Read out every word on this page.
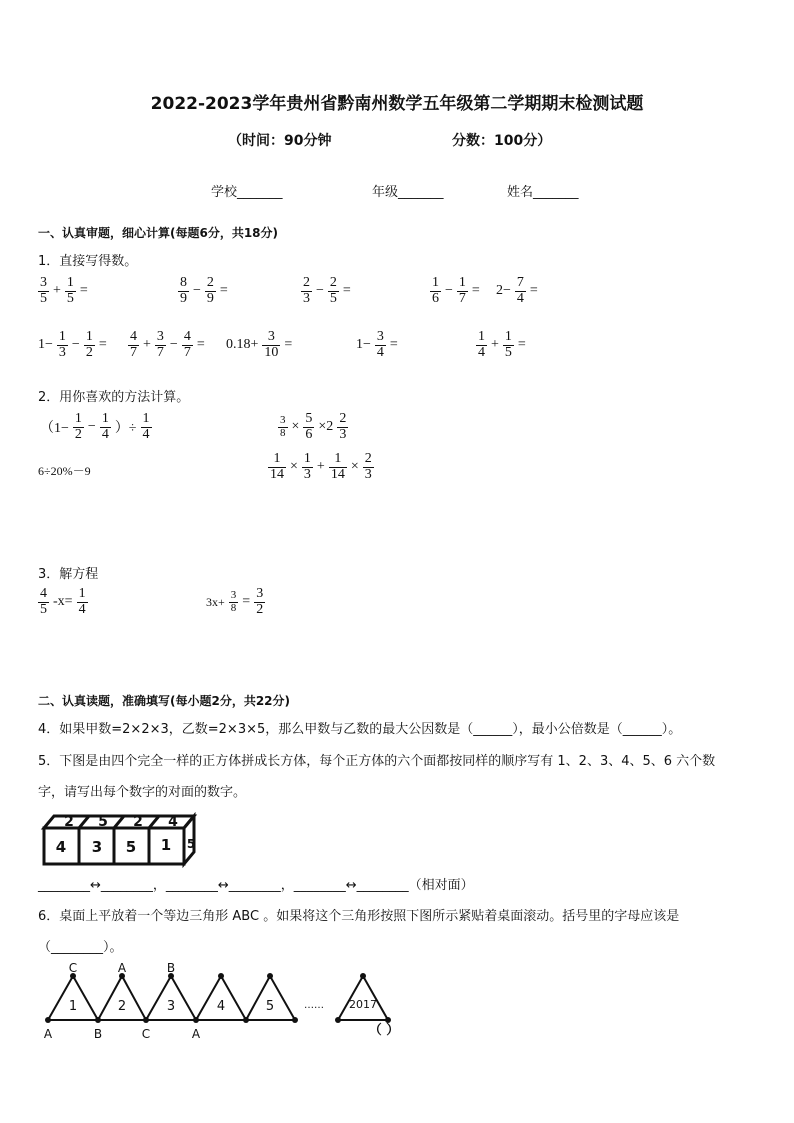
2022-2023学年贵州省黔南州数学五年级第二学期期末检测试题
（时间：90分钟	分数：100分）
学校_______	年级_______	姓名_______
一、认真审题，细心计算(每题6分，共18分)
1．直接写得数。
$\frac{3}{5} + \frac{1}{5}$ =	$\frac{8}{9} - \frac{2}{9}$ =	$\frac{2}{3} - \frac{2}{5}$ =	$\frac{1}{6} - \frac{1}{7} = 2- \frac{7}{4}$ =
$1- \frac{1}{3} - \frac{1}{2} = \frac{4}{7} + \frac{3}{7} - \frac{4}{7} = 0.18+ \frac{3}{10}$ =	$1- \frac{3}{4}$ =	$\frac{1}{4} + \frac{1}{5}$ =
2．用你喜欢的方法计算。
（$1- \frac{1}{2} - \frac{1}{4}$ ）÷ $\frac{1}{4}$	$\frac{3}{8} \times \frac{5}{6} \times 2 \frac{2}{3}$
6÷20%－9	$\frac{1}{14} \times \frac{1}{3} + \frac{1}{14} \times \frac{2}{3}$
3．解方程
$\frac{4}{5} -x= \frac{1}{4}$	$3x+ \frac{3}{8} = \frac{3}{2}$
二、认真读题，准确填写(每小题2分，共22分)
4．如果甲数=2×2×3，乙数=2×3×5，那么甲数与乙数的最大公因数是（______），最小公倍数是（______）。
5．下图是由四个完全一样的正方体拼成长方体，每个正方体的六个面都按同样的顺序写有 1、2、3、4、5、6 六个数
字，请写出每个数字的对面的数字。
2 5 2 4
4 3 5 1 5
________↔________，________↔________，________↔________（相对面）
6．桌面上平放着一个等边三角形 ABC 。如果将这个三角形按照下图所示紧贴着桌面滚动。括号里的字母应该是
（________）。
C	A	B
A	B	C	A
1	2	3	4	5	…… 2017
（ ）
